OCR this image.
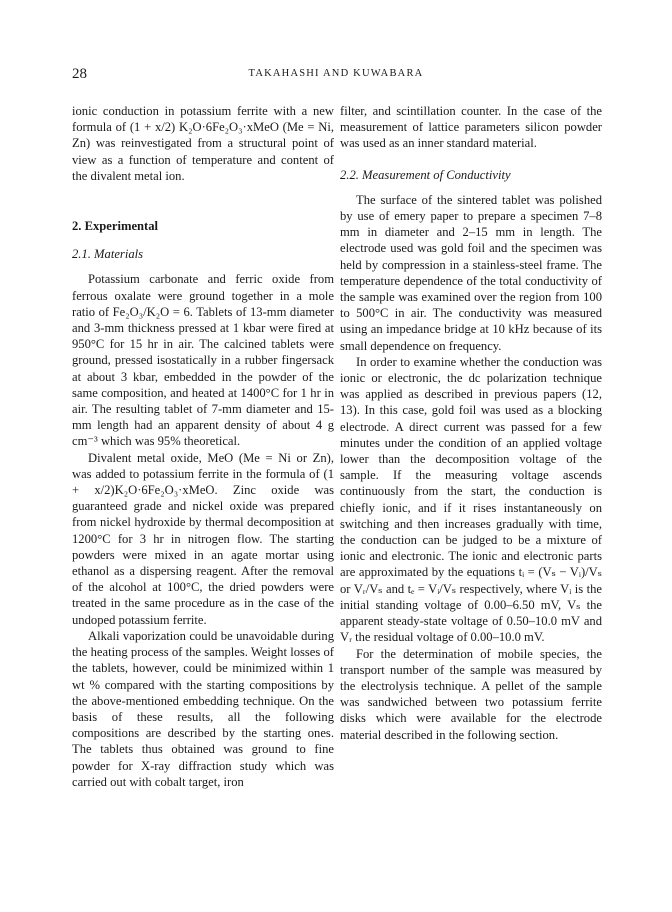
28	TAKAHASHI AND KUWABARA

ionic conduction in potassium ferrite with a new formula of (1 + x/2) K₂O·6Fe₂O₃·xMeO (Me = Ni, Zn) was reinvestigated from a structural point of view as a function of temperature and content of the divalent metal ion.

2. Experimental

2.1. Materials

Potassium carbonate and ferric oxide from ferrous oxalate were ground together in a mole ratio of Fe₂O₃/K₂O = 6. Tablets of 13-mm diameter and 3-mm thickness pressed at 1 kbar were fired at 950°C for 15 hr in air. The calcined tablets were ground, pressed isostatically in a rubber fingersack at about 3 kbar, embedded in the powder of the same composition, and heated at 1400°C for 1 hr in air. The resulting tablet of 7-mm diameter and 15-mm length had an apparent density of about 4 g cm⁻³ which was 95% theoretical.

Divalent metal oxide, MeO (Me = Ni or Zn), was added to potassium ferrite in the formula of (1 + x/2)K₂O·6Fe₂O₃·xMeO. Zinc oxide was guaranteed grade and nickel oxide was prepared from nickel hydroxide by thermal decomposition at 1200°C for 3 hr in nitrogen flow. The starting powders were mixed in an agate mortar using ethanol as a dispersing reagent. After the removal of the alcohol at 100°C, the dried powders were treated in the same procedure as in the case of the undoped potassium ferrite.

Alkali vaporization could be unavoidable during the heating process of the samples. Weight losses of the tablets, however, could be minimized within 1 wt % compared with the starting compositions by the above-mentioned embedding technique. On the basis of these results, all the following compositions are described by the starting ones. The tablets thus obtained was ground to fine powder for X-ray diffraction study which was carried out with cobalt target, iron

filter, and scintillation counter. In the case of the measurement of lattice parameters silicon powder was used as an inner standard material.

2.2. Measurement of Conductivity

The surface of the sintered tablet was polished by use of emery paper to prepare a specimen 7–8 mm in diameter and 2–15 mm in length. The electrode used was gold foil and the specimen was held by compression in a stainless-steel frame. The temperature dependence of the total conductivity of the sample was examined over the region from 100 to 500°C in air. The conductivity was measured using an impedance bridge at 10 kHz because of its small dependence on frequency.

In order to examine whether the conduction was ionic or electronic, the dc polarization technique was applied as described in previous papers (12, 13). In this case, gold foil was used as a blocking electrode. A direct current was passed for a few minutes under the condition of an applied voltage lower than the decomposition voltage of the sample. If the measuring voltage ascends continuously from the start, the conduction is chiefly ionic, and if it rises instantaneously on switching and then increases gradually with time, the conduction can be judged to be a mixture of ionic and electronic. The ionic and electronic parts are approximated by the equations tᵢ = (Vₛ − Vᵢ)/Vₛ or Vᵣ/Vₛ and tₑ = Vᵢ/Vₛ respectively, where Vᵢ is the initial standing voltage of 0.00–6.50 mV, Vₛ the apparent steady-state voltage of 0.50–10.0 mV and Vᵣ the residual voltage of 0.00–10.0 mV.

For the determination of mobile species, the transport number of the sample was measured by the electrolysis technique. A pellet of the sample was sandwiched between two potassium ferrite disks which were available for the electrode material described in the following section.
